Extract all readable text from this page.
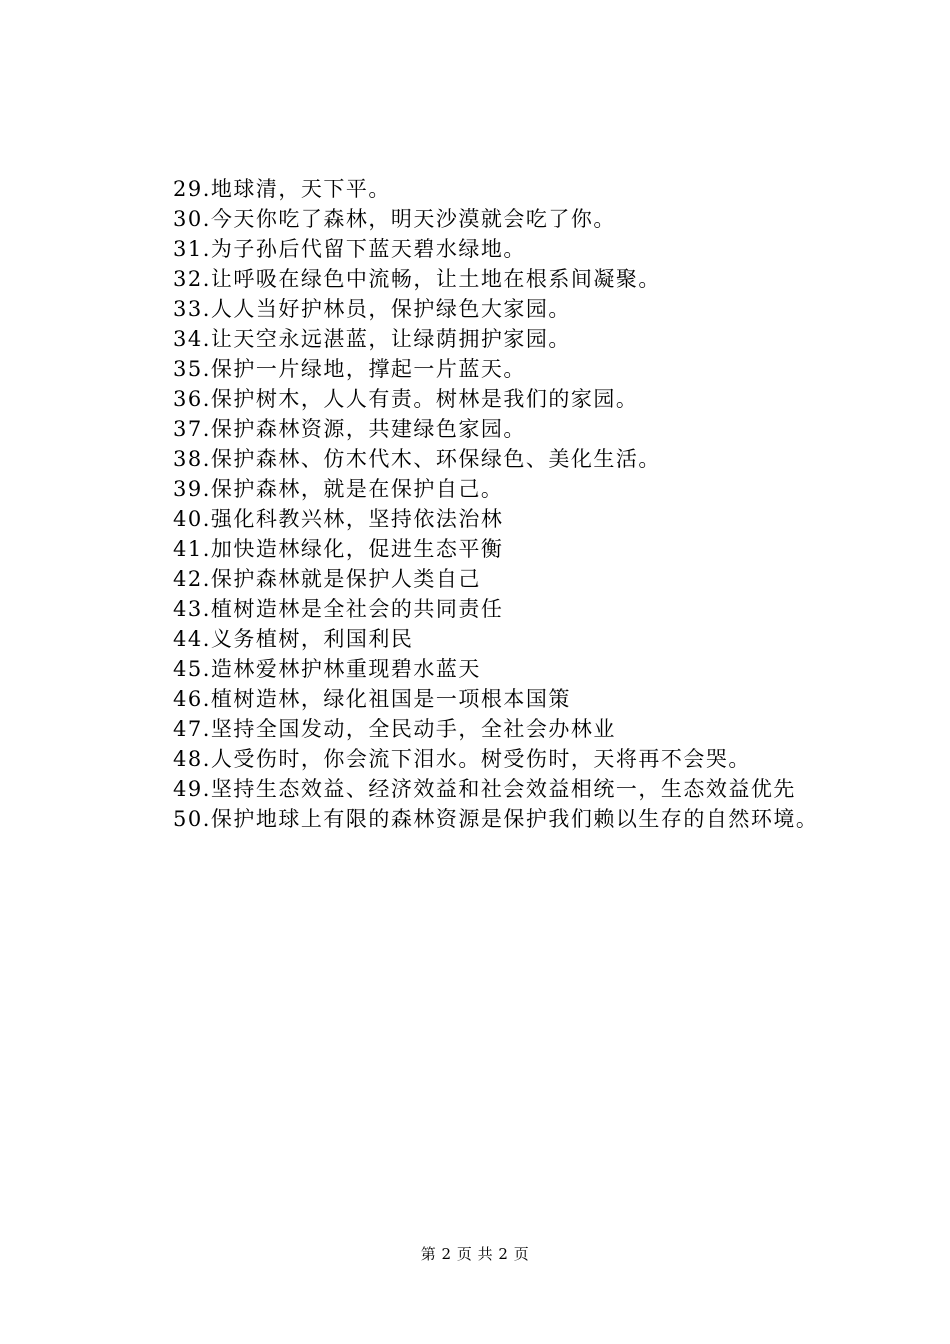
29.地球清，天下平。
30.今天你吃了森林，明天沙漠就会吃了你。
31.为子孙后代留下蓝天碧水绿地。
32.让呼吸在绿色中流畅，让土地在根系间凝聚。
33.人人当好护林员，保护绿色大家园。
34.让天空永远湛蓝，让绿荫拥护家园。
35.保护一片绿地，撑起一片蓝天。
36.保护树木，人人有责。树林是我们的家园。
37.保护森林资源，共建绿色家园。
38.保护森林、仿木代木、环保绿色、美化生活。
39.保护森林，就是在保护自己。
40.强化科教兴林，坚持依法治林
41.加快造林绿化，促进生态平衡
42.保护森林就是保护人类自己
43.植树造林是全社会的共同责任
44.义务植树，利国利民
45.造林爱林护林重现碧水蓝天
46.植树造林，绿化祖国是一项根本国策
47.坚持全国发动，全民动手，全社会办林业
48.人受伤时，你会流下泪水。树受伤时，天将再不会哭。
49.坚持生态效益、经济效益和社会效益相统一，生态效益优先
50.保护地球上有限的森林资源是保护我们赖以生存的自然环境。
第 2 页 共 2 页
